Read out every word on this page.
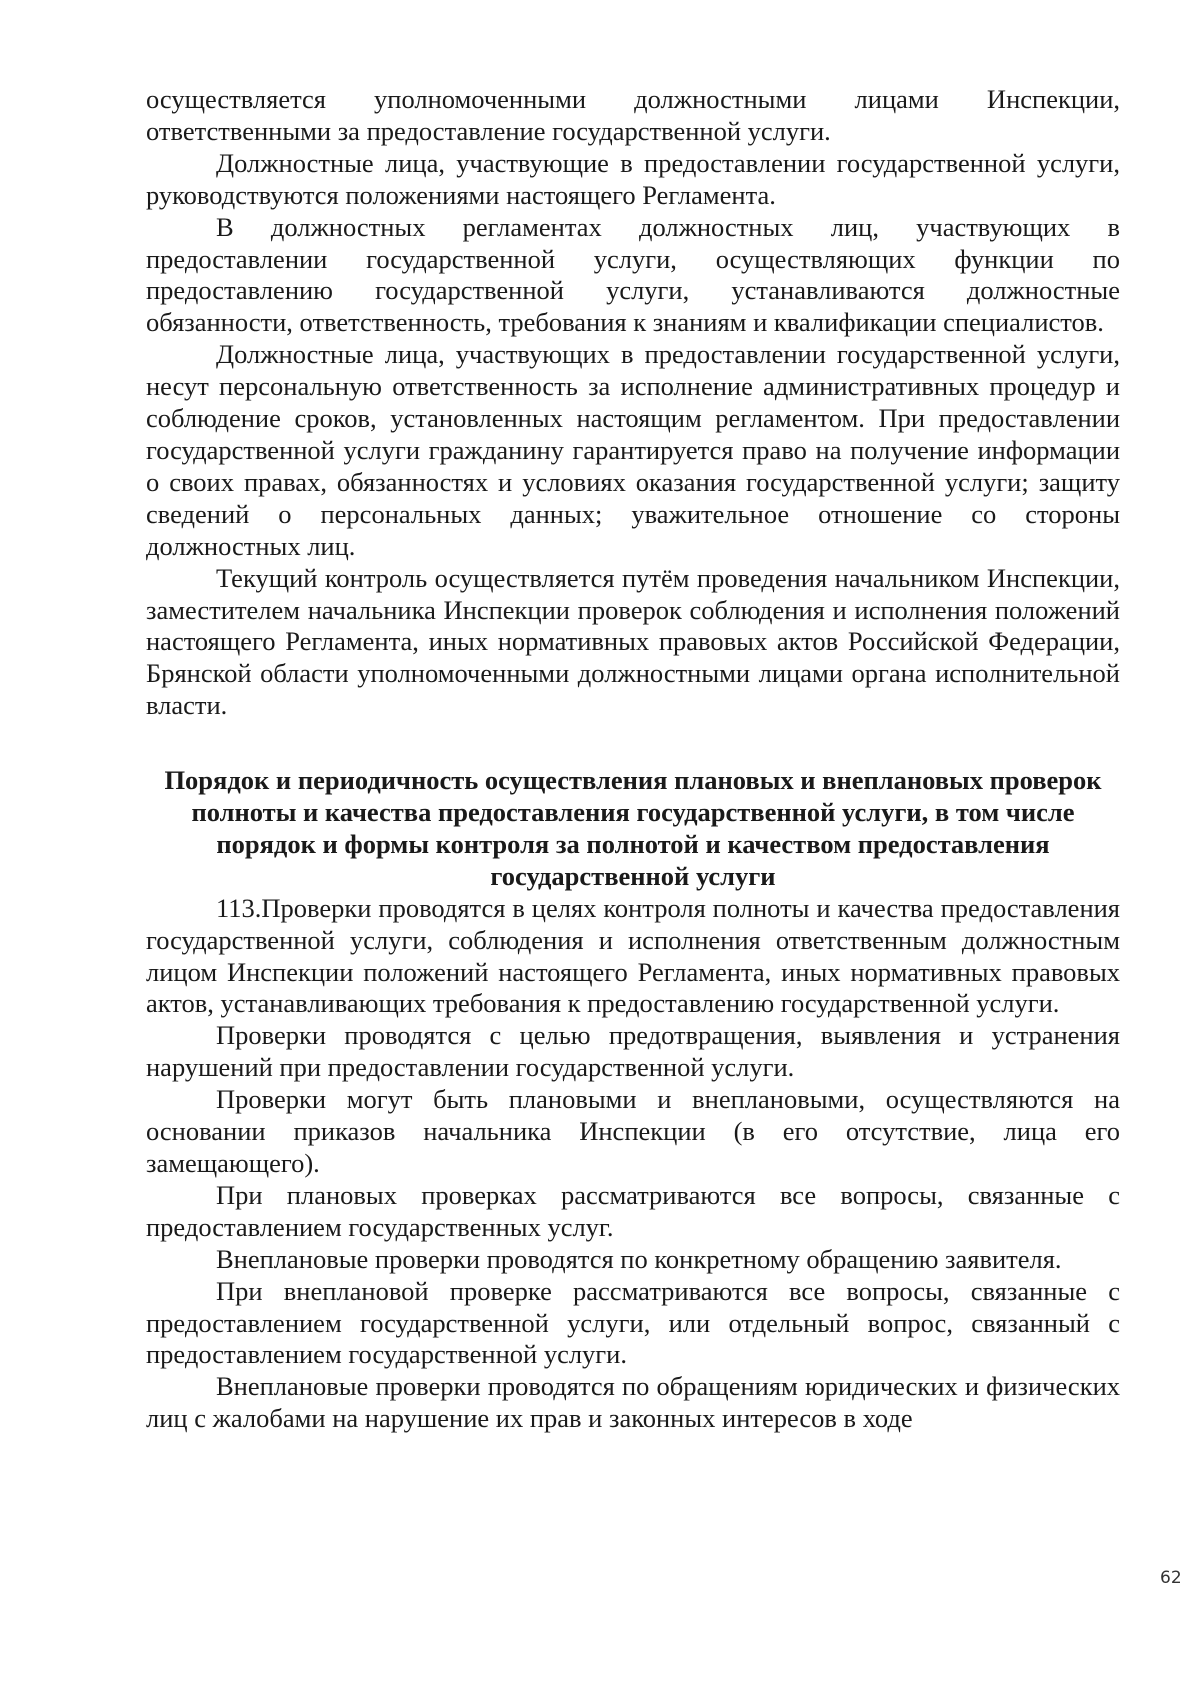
осуществляется уполномоченными должностными лицами Инспекции, ответственными за предоставление государственной услуги.

Должностные лица, участвующие в предоставлении государственной услуги, руководствуются положениями настоящего Регламента.

В должностных регламентах должностных лиц, участвующих в предоставлении государственной услуги, осуществляющих функции по предоставлению государственной услуги, устанавливаются должностные обязанности, ответственность, требования к знаниям и квалификации специалистов.

Должностные лица, участвующих в предоставлении государственной услуги, несут персональную ответственность за исполнение административных процедур и соблюдение сроков, установленных настоящим регламентом. При предоставлении государственной услуги гражданину гарантируется право на получение информации о своих правах, обязанностях и условиях оказания государственной услуги; защиту сведений о персональных данных; уважительное отношение со стороны должностных лиц.

Текущий контроль осуществляется путём проведения начальником Инспекции, заместителем начальника Инспекции проверок соблюдения и исполнения положений настоящего Регламента, иных нормативных правовых актов Российской Федерации, Брянской области уполномоченными должностными лицами органа исполнительной власти.

Порядок и периодичность осуществления плановых и внеплановых проверок полноты и качества предоставления государственной услуги, в том числе порядок и формы контроля за полнотой и качеством предоставления государственной услуги

113.Проверки проводятся в целях контроля полноты и качества предоставления государственной услуги, соблюдения и исполнения ответственным должностным лицом Инспекции положений настоящего Регламента, иных нормативных правовых актов, устанавливающих требования к предоставлению государственной услуги.

Проверки проводятся с целью предотвращения, выявления и устранения нарушений при предоставлении государственной услуги.

Проверки могут быть плановыми и внеплановыми, осуществляются на основании приказов начальника Инспекции (в его отсутствие, лица его замещающего).

При плановых проверках рассматриваются все вопросы, связанные с предоставлением государственных услуг.

Внеплановые проверки проводятся по конкретному обращению заявителя.

При внеплановой проверке рассматриваются все вопросы, связанные с предоставлением государственной услуги, или отдельный вопрос, связанный с предоставлением государственной услуги.

Внеплановые проверки проводятся по обращениям юридических и физических лиц с жалобами на нарушение их прав и законных интересов в ходе

62
